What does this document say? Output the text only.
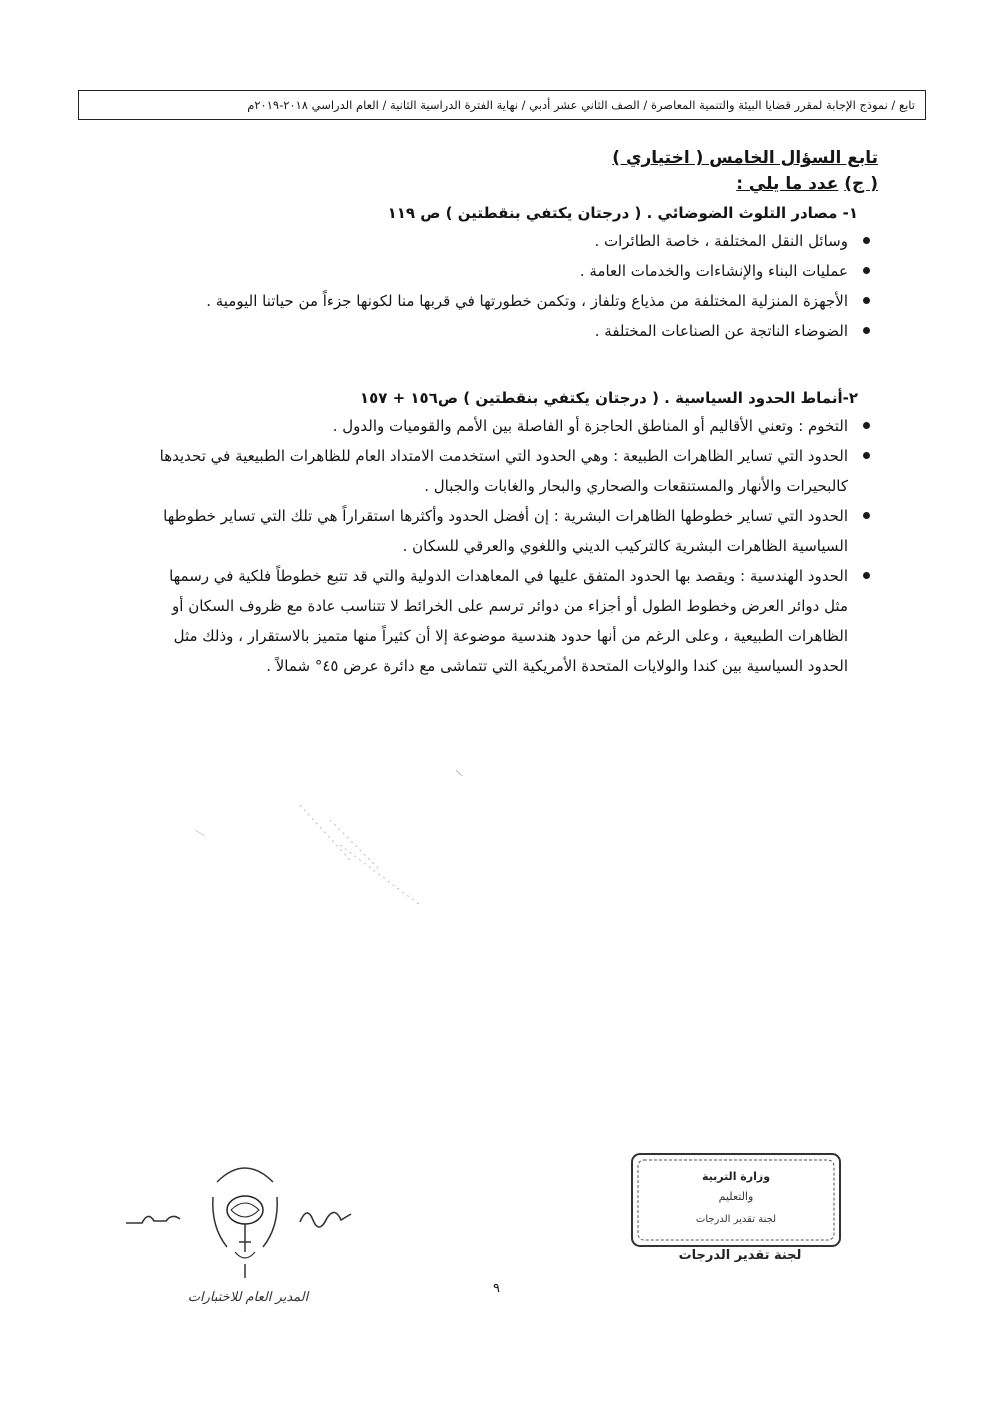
تابع / نموذج الإجابة لمقرر قضايا البيئة والتنمية المعاصرة / الصف الثاني عشر أدبي / نهاية الفترة الدراسية الثانية / العام الدراسي ٢٠١٨-٢٠١٩م
تابع السؤال الخامس ( اختياري )
( ج) عدد ما يلي :
١- مصادر التلوث الضوضائي . ( درجتان يكتفي بنقطتين ) ص ١١٩
وسائل النقل المختلفة ، خاصة الطائرات .
عمليات البناء والإنشاءات والخدمات العامة .
الأجهزة المنزلية المختلفة من مذياع وتلفاز ، وتكمن خطورتها في قربها منا لكونها جزءاً من حياتنا اليومية .
الضوضاء الناتجة عن الصناعات المختلفة .
٢-أنماط الحدود السياسية . ( درجتان يكتفي بنقطتين ) ص١٥٦ + ١٥٧
التخوم : وتعني الأقاليم أو المناطق الحاجزة أو الفاصلة بين الأمم والقوميات والدول .
الحدود التي تساير الظاهرات الطبيعة : وهي الحدود التي استخدمت الامتداد العام للظاهرات الطبيعية في تحديدها كالبحيرات والأنهار والمستنقعات والصحاري والبحار والغابات والجبال .
الحدود التي تساير خطوطها الظاهرات البشرية : إن أفضل الحدود وأكثرها استقراراً هي تلك التي تساير خطوطها السياسية الظاهرات البشرية كالتركيب الديني واللغوي والعرقي للسكان .
الحدود الهندسية : ويقصد بها الحدود المتفق عليها في المعاهدات الدولية والتي قد تتبع خطوطاً فلكية في رسمها مثل دوائر العرض وخطوط الطول أو أجزاء من دوائر ترسم على الخرائط لا تتناسب عادة مع ظروف السكان أو الظاهرات الطبيعية ، وعلى الرغم من أنها حدود هندسية موضوعة إلا أن كثيراً منها متميز بالاستقرار ، وذلك مثل الحدود السياسية بين كندا والولايات المتحدة الأمريكية التي تتماشى مع دائرة عرض ٤٥° شمالاً .
وزارة التربية
والتعليم
لجنة تقدير الدرجات
لجنة تقدير الدرجات
المدير العام للاختبارات
٩
